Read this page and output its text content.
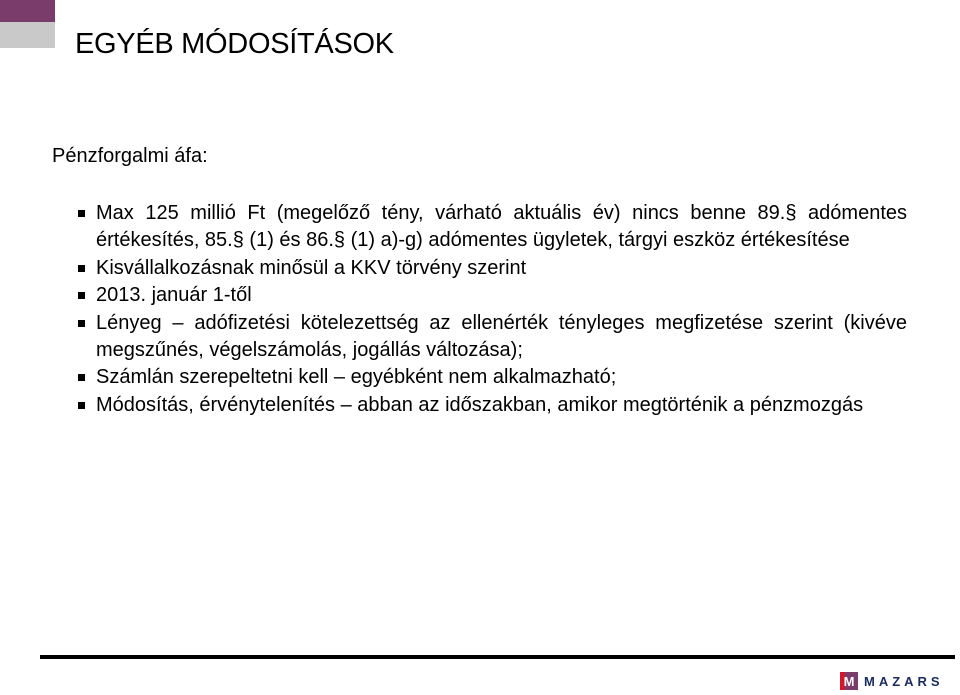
EGYÉB MÓDOSÍTÁSOK
Pénzforgalmi áfa:
Max 125 millió Ft (megelőző tény, várható aktuális év) nincs benne 89.§ adómentes értékesítés, 85.§ (1) és 86.§ (1) a)-g) adómentes ügyletek, tárgyi eszköz értékesítése
Kisvállalkozásnak minősül a KKV törvény szerint
2013. január 1-től
Lényeg – adófizetési kötelezettség az ellenérték tényleges megfizetése szerint (kivéve megszűnés, végelszámolás, jogállás változása);
Számlán szerepeltetni kell – egyébként nem alkalmazható;
Módosítás, érvénytelenítés – abban az időszakban, amikor megtörténik a pénzmozgás
M MAZARS
